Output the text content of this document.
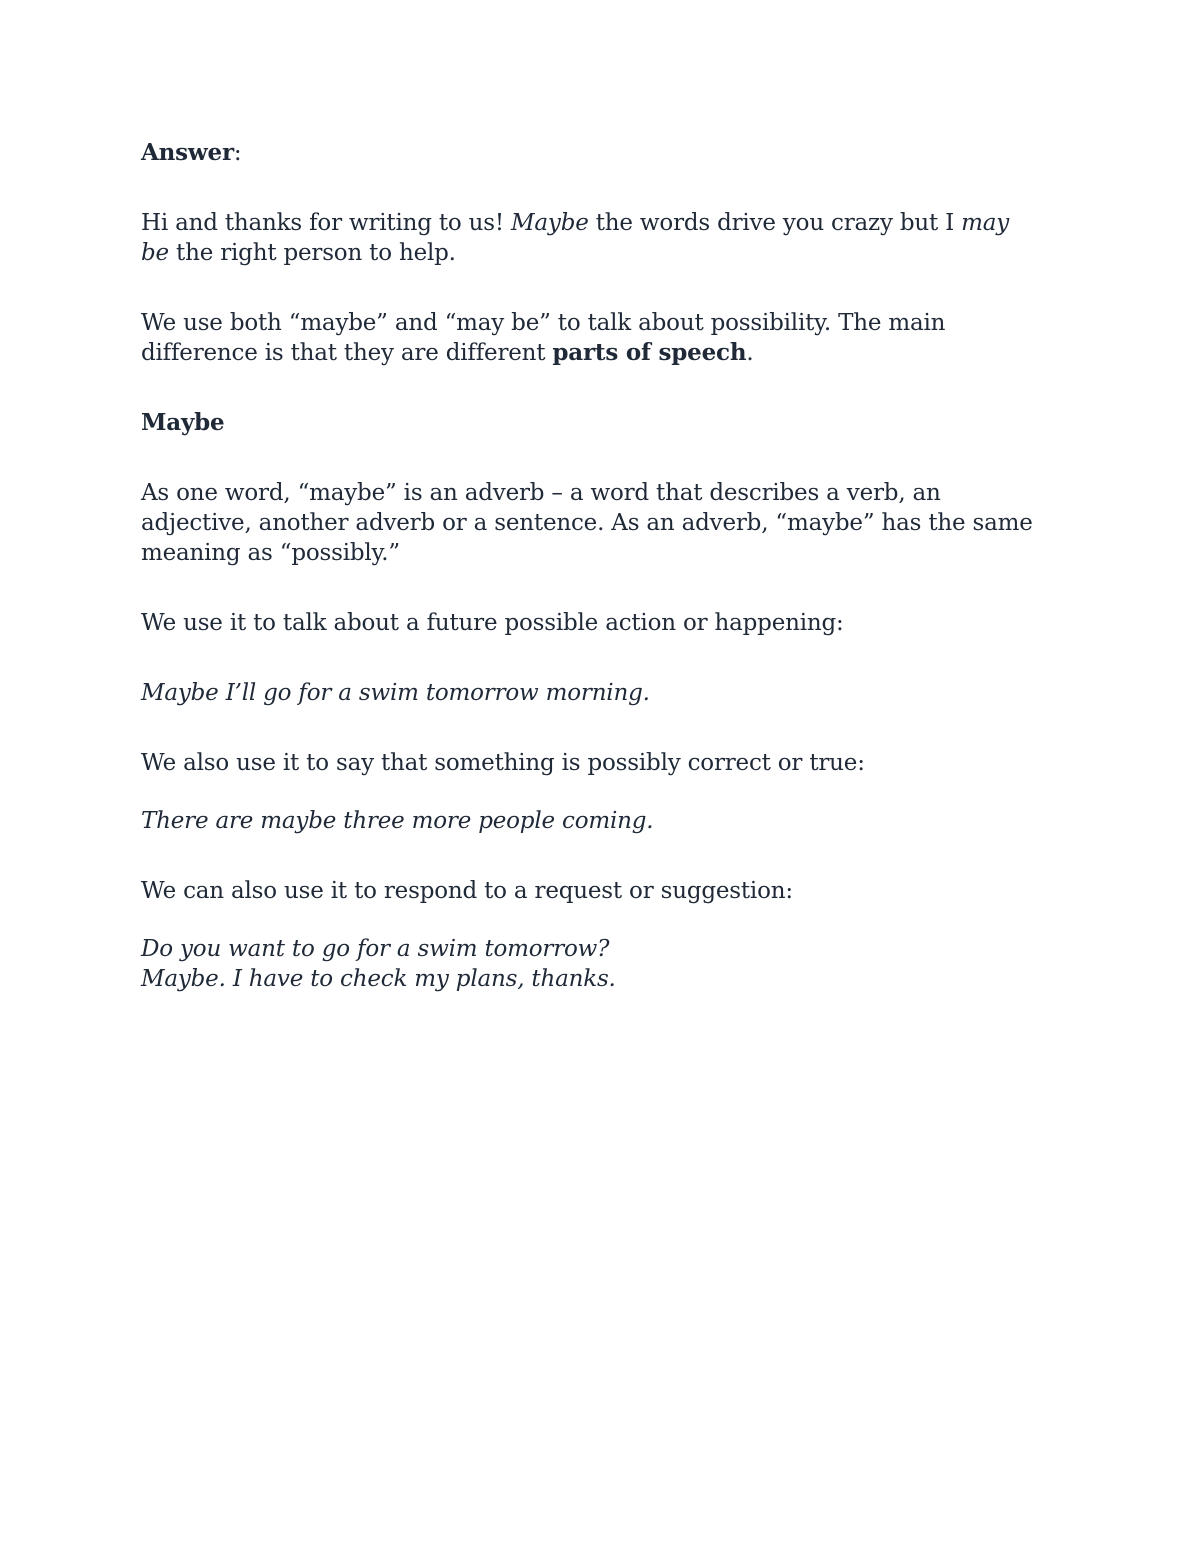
Answer:

Hi and thanks for writing to us! Maybe the words drive you crazy but I may be the right person to help.

We use both “maybe” and “may be” to talk about possibility. The main difference is that they are different parts of speech.

Maybe

As one word, “maybe” is an adverb – a word that describes a verb, an adjective, another adverb or a sentence. As an adverb, “maybe” has the same meaning as “possibly.”

We use it to talk about a future possible action or happening:

Maybe I’ll go for a swim tomorrow morning.

We also use it to say that something is possibly correct or true:

There are maybe three more people coming.

We can also use it to respond to a request or suggestion:

Do you want to go for a swim tomorrow?
Maybe. I have to check my plans, thanks.
